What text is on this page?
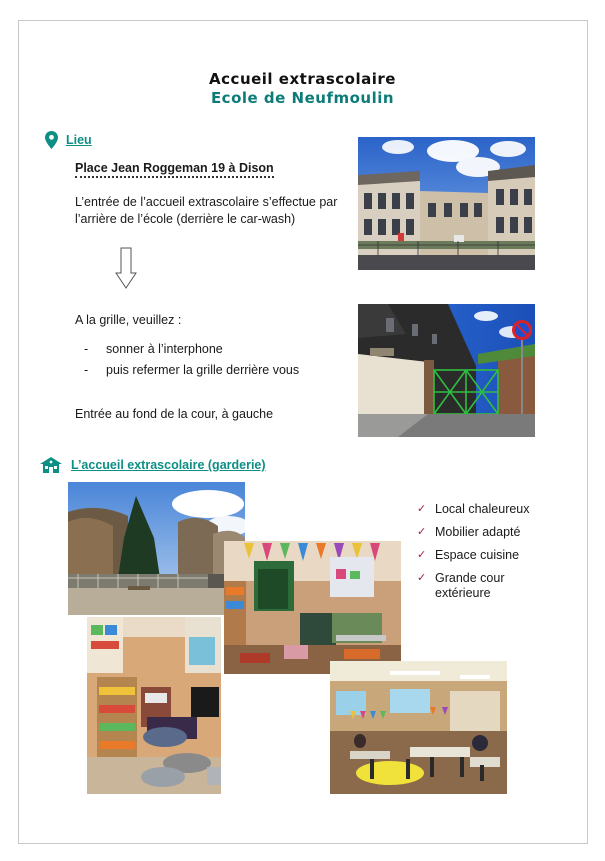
Accueil extrascolaire
Ecole de Neufmoulin
Lieu
Place Jean Roggeman 19 à Dison
L’entrée de l’accueil extrascolaire s’effectue par
l’arrière de l’école (derrière le car-wash)
A la grille, veuillez :
-	sonner à l’interphone
-	puis refermer la grille derrière vous
Entrée au fond de la cour, à gauche
L’accueil extrascolaire (garderie)
✓ Local chaleureux
✓ Mobilier adapté
✓ Espace cuisine
✓ Grande cour
extérieure
